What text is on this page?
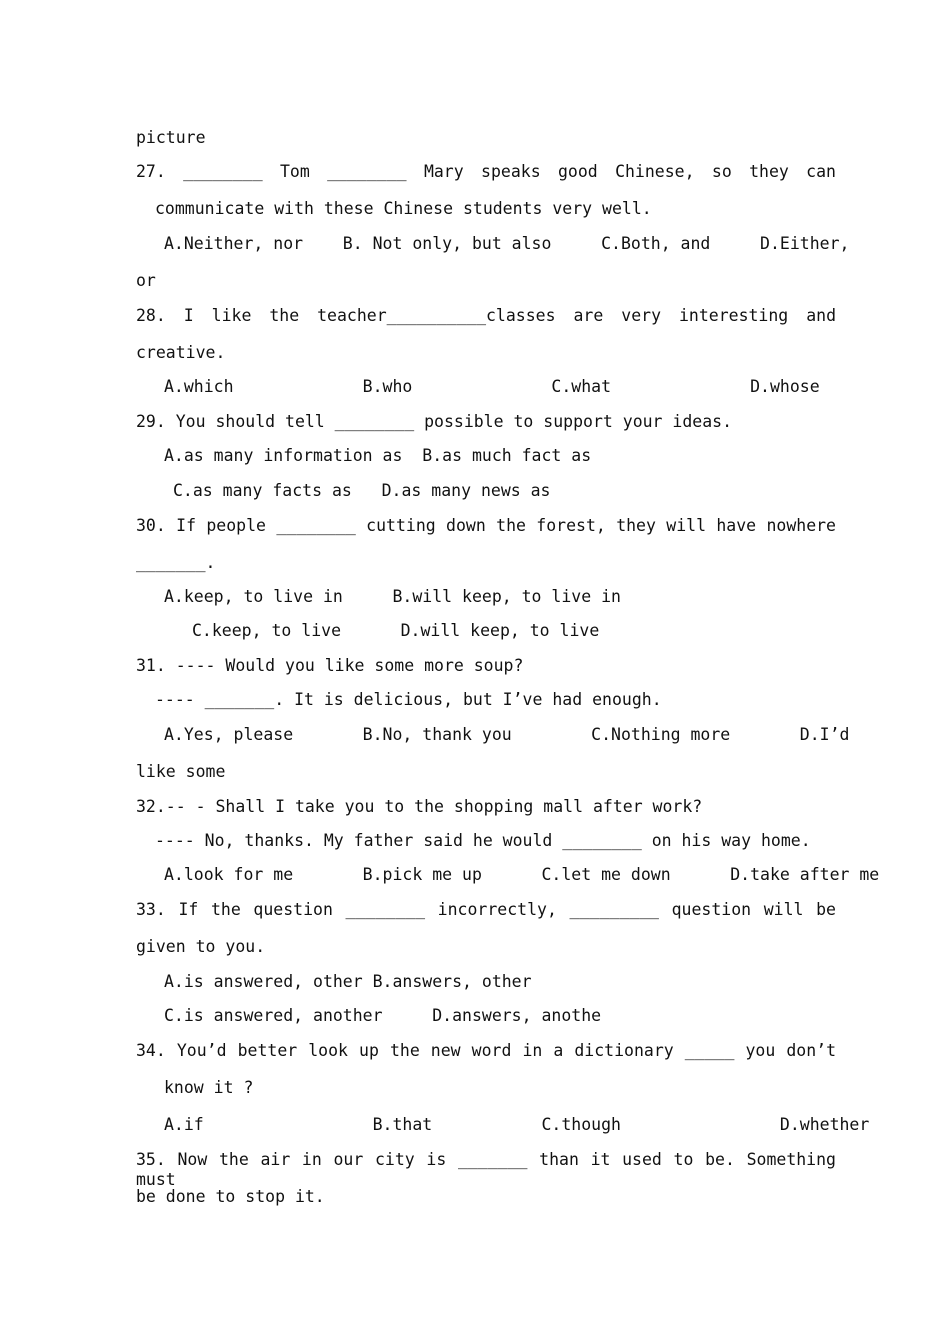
picture

27. ________ Tom ________ Mary speaks good Chinese, so they can

communicate with these Chinese students very well.

A.Neither, nor    B. Not only, but also     C.Both, and     D.Either,

or

28. I like the teacher__________classes are very interesting and

creative.

A.which             B.who              C.what              D.whose

29. You should tell ________ possible to support your ideas.

A.as many information as  B.as much fact as

C.as many facts as   D.as many news as

30. If people ________ cutting down the forest, they will have nowhere

_______.

A.keep, to live in     B.will keep, to live in

C.keep, to live      D.will keep, to live

31. ---- Would you like some more soup?

---- _______. It is delicious, but I’ve had enough.

A.Yes, please       B.No, thank you        C.Nothing more       D.I’d

like some

32.-- - Shall I take you to the shopping mall after work?

---- No, thanks. My father said he would ________ on his way home.

A.look for me       B.pick me up      C.let me down      D.take after me

33. If the question ________ incorrectly, _________ question will be

given to you.

A.is answered, other B.answers, other

C.is answered, another     D.answers, anothe

34. You’d better look up the new word in a dictionary _____ you don’t

know it ?

A.if                 B.that           C.though                D.whether

35. Now the air in our city is _______ than it used to be. Something must

be done to stop it.
